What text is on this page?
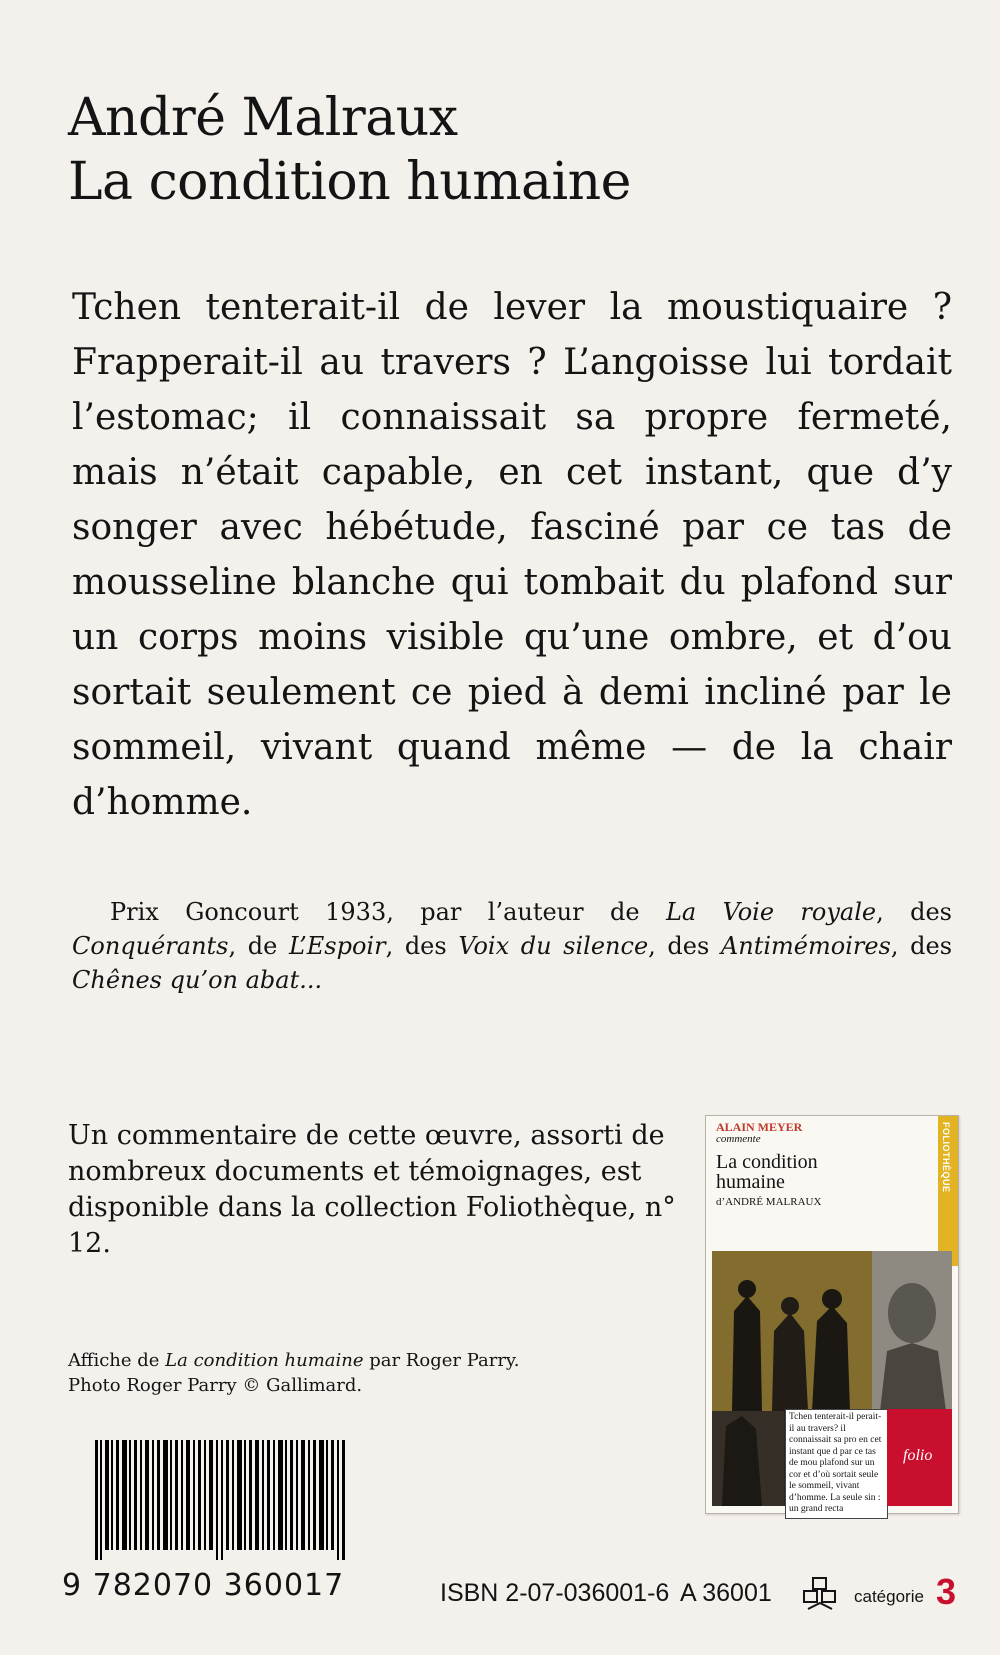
André Malraux
La condition humaine
Tchen tenterait-il de lever la moustiquaire ? Frapperait-il au travers ? L’angoisse lui tordait l’estomac; il connaissait sa propre fermeté, mais n’était capable, en cet instant, que d’y songer avec hébétude, fasciné par ce tas de mousseline blanche qui tombait du plafond sur un corps moins visible qu’une ombre, et d’ou sortait seulement ce pied à demi incliné par le sommeil, vivant quand même — de la chair d’homme.
Prix Goncourt 1933, par l’auteur de La Voie royale, des Conquérants, de L’Espoir, des Voix du silence, des Antimémoires, des Chênes qu’on abat...
Un commentaire de cette œuvre, assorti de nombreux documents et témoignages, est disponible dans la collection Foliothèque, n° 12.
Affiche de La condition humaine par Roger Parry.
Photo Roger Parry © Gallimard.
FOLIOTHÈQUE
ALAIN MEYER
commente
La condition humaine
d’ANDRÉ MALRAUX
Tchen tenterait-il perait-il au travers? il connaissait sa pro en cet instant que d par ce tas de mou plafond sur un cor et d’où sortait seule le sommeil, vivant d’homme. La seule sin : un grand recta
folio
9 782070 360017	ISBN 2-07-036001-6 A 36001	catégorie 3
